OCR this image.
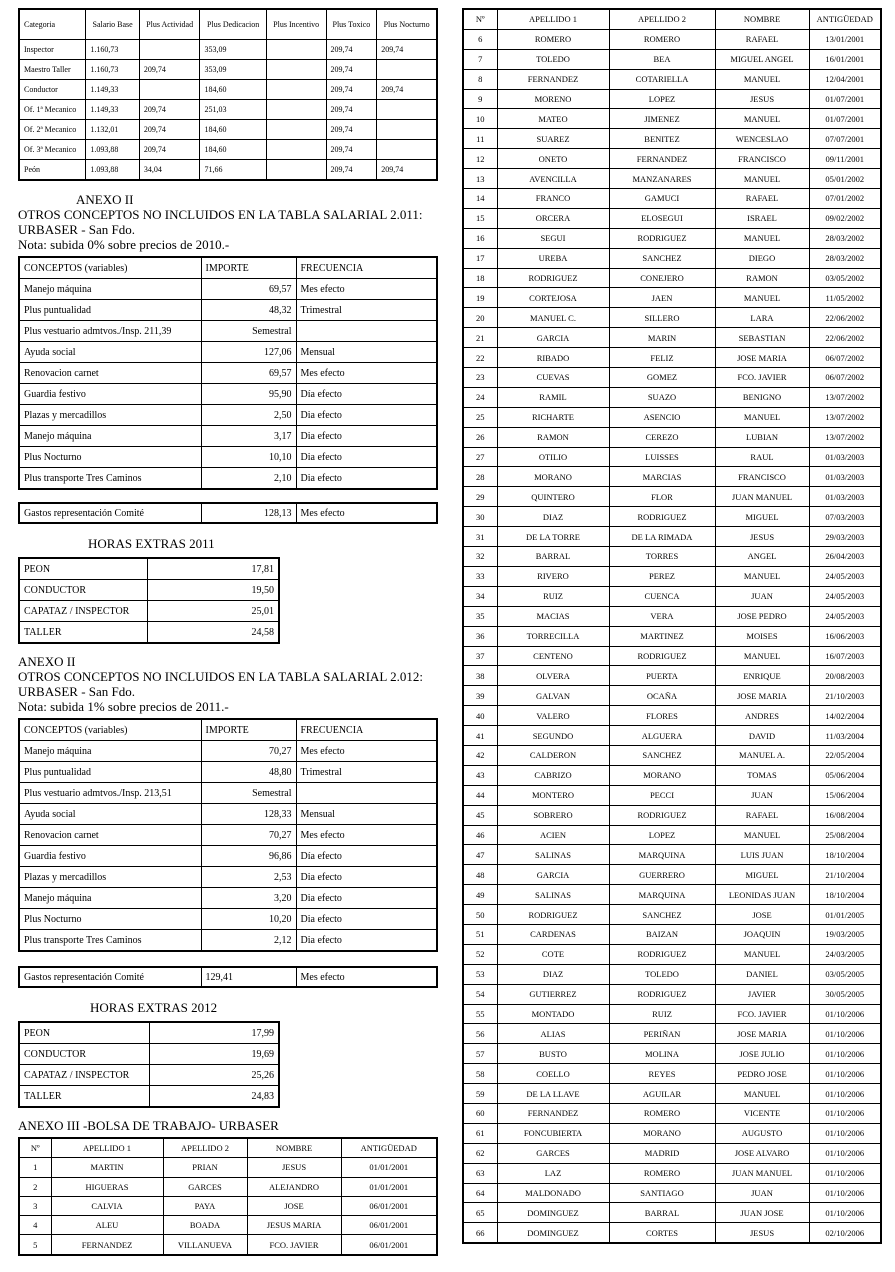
Categoria	Salario Base	Plus Actividad	Plus Dedicacion	Plus Incentivo	Plus Toxico	Plus Nocturno
Inspector	1.160,73		353,09		209,74	209,74
Maestro Taller	1.160,73	209,74	353,09		209,74	
Conductor	1.149,33		184,60		209,74	209,74
Of. 1ª Mecanico	1.149,33	209,74	251,03		209,74	
Of. 2ª Mecanico	1.132,01	209,74	184,60		209,74	
Of. 3ª Mecanico	1.093,88	209,74	184,60		209,74	
Peón	1.093,88	34,04	71,66		209,74	209,74
ANEXO II
OTROS CONCEPTOS NO INCLUIDOS EN LA TABLA SALARIAL 2.011:
URBASER - San Fdo.
Nota: subida 0% sobre precios de 2010.-
CONCEPTOS (variables)	IMPORTE	FRECUENCIA
Manejo máquina	69,57	Mes efecto
Plus puntualidad	48,32	Trimestral
Plus vestuario admtvos./Insp. 211,39	Semestral	
Ayuda social	127,06	Mensual
Renovacion carnet	69,57	Mes efecto
Guardia festivo	95,90	Día efecto
Plazas y mercadillos	2,50	Dia efecto
Manejo máquina	3,17	Dia efecto
Plus Nocturno	10,10	Dia efecto
Plus transporte Tres Caminos	2,10	Dia efecto
Gastos representación Comité	128,13	Mes efecto
HORAS EXTRAS 2011
PEON	17,81
CONDUCTOR	19,50
CAPATAZ / INSPECTOR	25,01
TALLER	24,58
ANEXO II
OTROS CONCEPTOS NO INCLUIDOS EN LA TABLA SALARIAL 2.012:
URBASER - San Fdo.
Nota: subida 1% sobre precios de 2011.-
CONCEPTOS (variables)	IMPORTE	FRECUENCIA
Manejo máquina	70,27	Mes efecto
Plus puntualidad	48,80	Trimestral
Plus vestuario admtvos./Insp. 213,51	Semestral	
Ayuda social	128,33	Mensual
Renovacion carnet	70,27	Mes efecto
Guardia festivo	96,86	Día efecto
Plazas y mercadillos	2,53	Dia efecto
Manejo máquina	3,20	Dia efecto
Plus Nocturno	10,20	Dia efecto
Plus transporte Tres Caminos	2,12	Dia efecto
Gastos representación Comité	129,41	Mes efecto
HORAS EXTRAS 2012
PEON	17,99
CONDUCTOR	19,69
CAPATAZ / INSPECTOR	25,26
TALLER	24,83
ANEXO III -BOLSA DE TRABAJO- URBASER
Nº	APELLIDO 1	APELLIDO 2	NOMBRE	ANTIGÜEDAD
1	MARTIN	PRIAN	JESUS	01/01/2001
2	HIGUERAS	GARCES	ALEJANDRO	01/01/2001
3	CALVIA	PAYA	JOSE	06/01/2001
4	ALEU	BOADA	JESUS MARIA	06/01/2001
5	FERNANDEZ	VILLANUEVA	FCO. JAVIER	06/01/2001
Nº	APELLIDO 1	APELLIDO 2	NOMBRE	ANTIGÜEDAD
6	ROMERO	ROMERO	RAFAEL	13/01/2001
7	TOLEDO	BEA	MIGUEL ANGEL	16/01/2001
8	FERNANDEZ	COTARIELLA	MANUEL	12/04/2001
9	MORENO	LOPEZ	JESUS	01/07/2001
10	MATEO	JIMENEZ	MANUEL	01/07/2001
11	SUAREZ	BENITEZ	WENCESLAO	07/07/2001
12	ONETO	FERNANDEZ	FRANCISCO	09/11/2001
13	AVENCILLA	MANZANARES	MANUEL	05/01/2002
14	FRANCO	GAMUCI	RAFAEL	07/01/2002
15	ORCERA	ELOSEGUI	ISRAEL	09/02/2002
16	SEGUI	RODRIGUEZ	MANUEL	28/03/2002
17	UREBA	SANCHEZ	DIEGO	28/03/2002
18	RODRIGUEZ	CONEJERO	RAMON	03/05/2002
19	CORTEJOSA	JAEN	MANUEL	11/05/2002
20	MANUEL C.	SILLERO	LARA	22/06/2002
21	GARCIA	MARIN	SEBASTIAN	22/06/2002
22	RIBADO	FELIZ	JOSE MARIA	06/07/2002
23	CUEVAS	GOMEZ	FCO. JAVIER	06/07/2002
24	RAMIL	SUAZO	BENIGNO	13/07/2002
25	RICHARTE	ASENCIO	MANUEL	13/07/2002
26	RAMON	CEREZO	LUBIAN	13/07/2002
27	OTILIO	LUISSES	RAUL	01/03/2003
28	MORANO	MARCIAS	FRANCISCO	01/03/2003
29	QUINTERO	FLOR	JUAN MANUEL	01/03/2003
30	DIAZ	RODRIGUEZ	MIGUEL	07/03/2003
31	DE LA TORRE	DE LA RIMADA	JESUS	29/03/2003
32	BARRAL	TORRES	ANGEL	26/04/2003
33	RIVERO	PEREZ	MANUEL	24/05/2003
34	RUIZ	CUENCA	JUAN	24/05/2003
35	MACIAS	VERA	JOSE PEDRO	24/05/2003
36	TORRECILLA	MARTINEZ	MOISES	16/06/2003
37	CENTENO	RODRIGUEZ	MANUEL	16/07/2003
38	OLVERA	PUERTA	ENRIQUE	20/08/2003
39	GALVAN	OCAÑA	JOSE MARIA	21/10/2003
40	VALERO	FLORES	ANDRES	14/02/2004
41	SEGUNDO	ALGUERA	DAVID	11/03/2004
42	CALDERON	SANCHEZ	MANUEL A.	22/05/2004
43	CABRIZO	MORANO	TOMAS	05/06/2004
44	MONTERO	PECCI	JUAN	15/06/2004
45	SOBRERO	RODRIGUEZ	RAFAEL	16/08/2004
46	ACIEN	LOPEZ	MANUEL	25/08/2004
47	SALINAS	MARQUINA	LUIS JUAN	18/10/2004
48	GARCIA	GUERRERO	MIGUEL	21/10/2004
49	SALINAS	MARQUINA	LEONIDAS JUAN	18/10/2004
50	RODRIGUEZ	SANCHEZ	JOSE	01/01/2005
51	CARDENAS	BAIZAN	JOAQUIN	19/03/2005
52	COTE	RODRIGUEZ	MANUEL	24/03/2005
53	DIAZ	TOLEDO	DANIEL	03/05/2005
54	GUTIERREZ	RODRIGUEZ	JAVIER	30/05/2005
55	MONTADO	RUIZ	FCO. JAVIER	01/10/2006
56	ALIAS	PERIÑAN	JOSE MARIA	01/10/2006
57	BUSTO	MOLINA	JOSE JULIO	01/10/2006
58	COELLO	REYES	PEDRO JOSE	01/10/2006
59	DE LA LLAVE	AGUILAR	MANUEL	01/10/2006
60	FERNANDEZ	ROMERO	VICENTE	01/10/2006
61	FONCUBIERTA	MORANO	AUGUSTO	01/10/2006
62	GARCES	MADRID	JOSE ALVARO	01/10/2006
63	LAZ	ROMERO	JUAN MANUEL	01/10/2006
64	MALDONADO	SANTIAGO	JUAN	01/10/2006
65	DOMINGUEZ	BARRAL	JUAN JOSE	01/10/2006
66	DOMINGUEZ	CORTES	JESUS	02/10/2006
